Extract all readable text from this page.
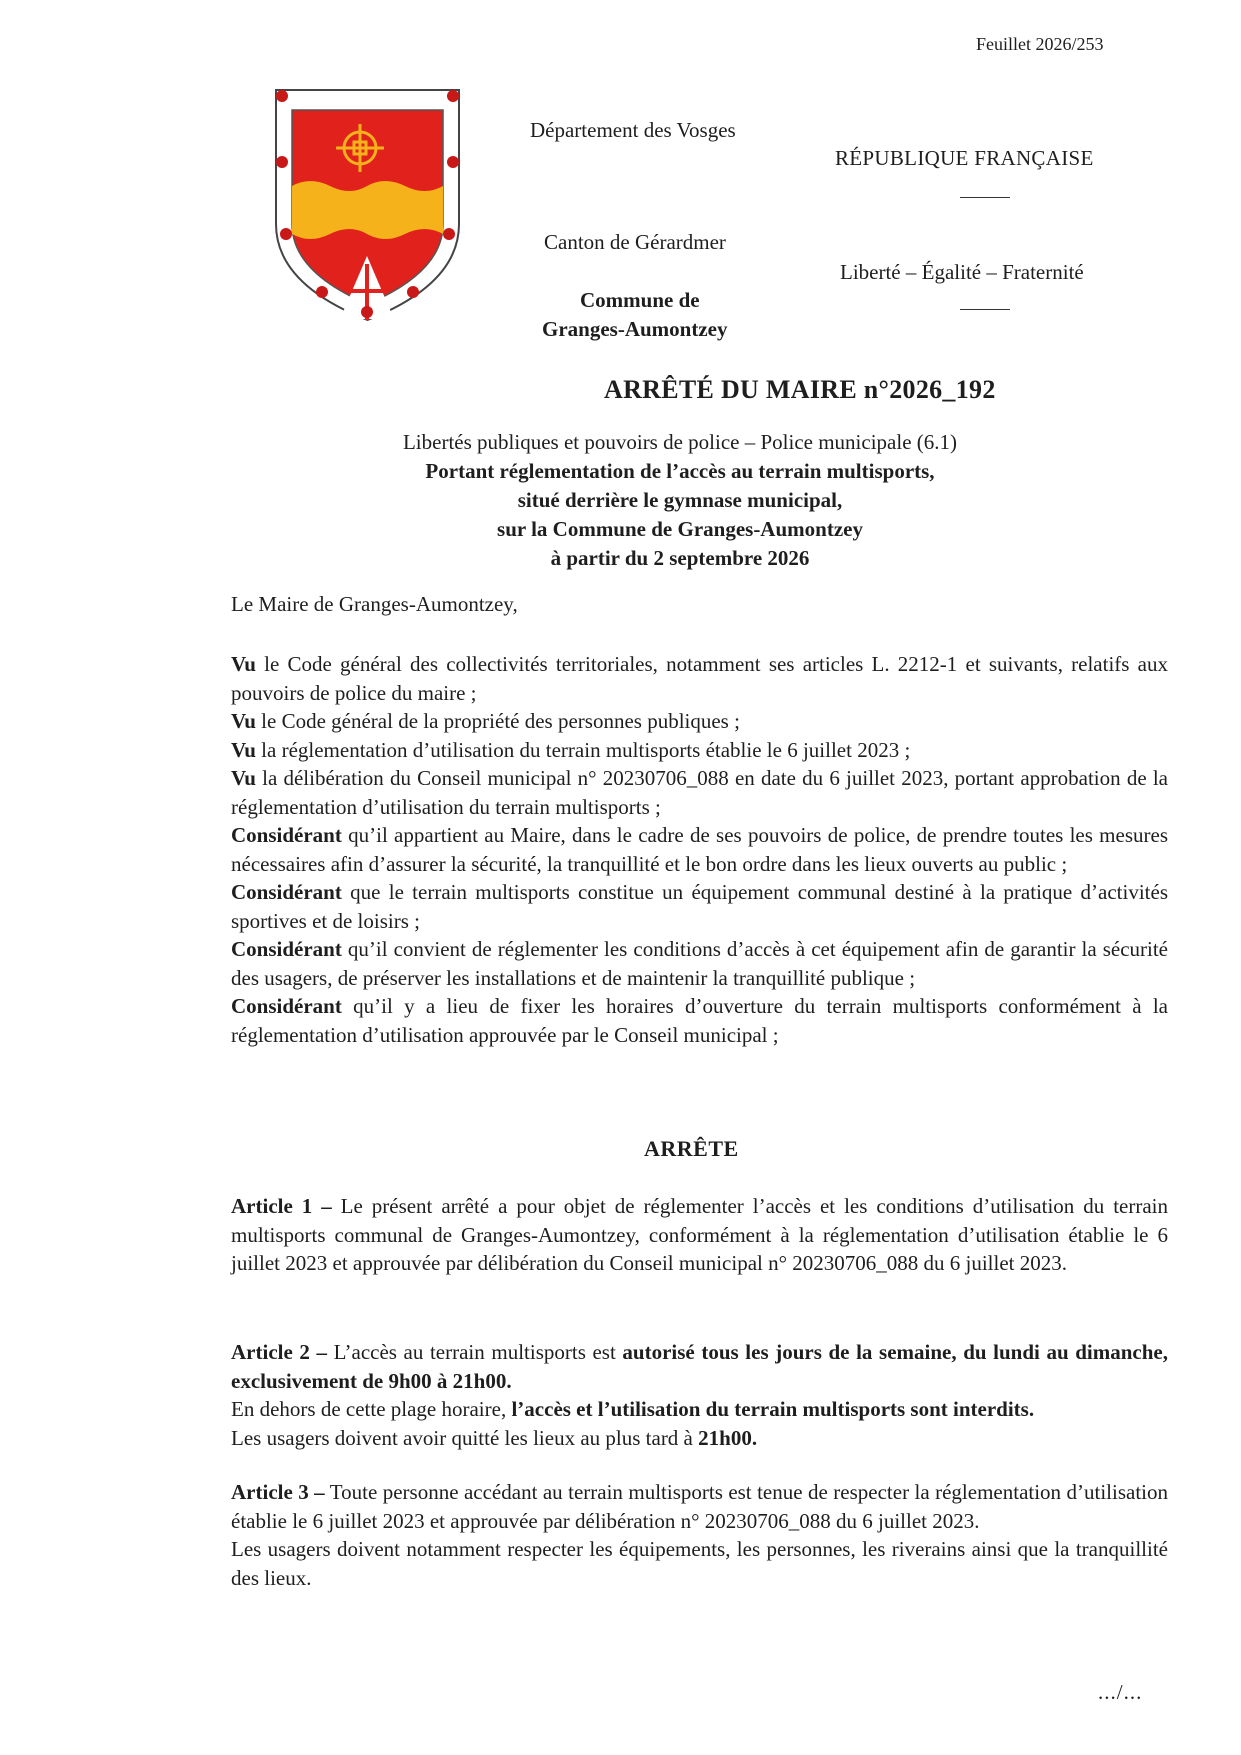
Feuillet 2026/253
Département des Vosges
RÉPUBLIQUE FRANÇAISE
Canton de Gérardmer
Liberté – Égalité – Fraternité
Commune de
Granges-Aumontzey
ARRÊTÉ DU MAIRE n°2026_192
Libertés publiques et pouvoirs de police – Police municipale (6.1)
Portant réglementation de l’accès au terrain multisports,
situé derrière le gymnase municipal,
sur la Commune de Granges-Aumontzey
à partir du 2 septembre 2026
Le Maire de Granges-Aumontzey,

Vu le Code général des collectivités territoriales, notamment ses articles L. 2212-1 et suivants, relatifs aux pouvoirs de police du maire ;

Vu le Code général de la propriété des personnes publiques ;

Vu la réglementation d’utilisation du terrain multisports établie le 6 juillet 2023 ;

Vu la délibération du Conseil municipal n° 20230706_088 en date du 6 juillet 2023, portant approbation de la réglementation d’utilisation du terrain multisports ;

Considérant qu’il appartient au Maire, dans le cadre de ses pouvoirs de police, de prendre toutes les mesures nécessaires afin d’assurer la sécurité, la tranquillité et le bon ordre dans les lieux ouverts au public ;

Considérant que le terrain multisports constitue un équipement communal destiné à la pratique d’activités sportives et de loisirs ;

Considérant qu’il convient de réglementer les conditions d’accès à cet équipement afin de garantir la sécurité des usagers, de préserver les installations et de maintenir la tranquillité publique ;

Considérant qu’il y a lieu de fixer les horaires d’ouverture du terrain multisports conformément à la réglementation d’utilisation approuvée par le Conseil municipal ;

ARRÊTE

Article 1 – Le présent arrêté a pour objet de réglementer l’accès et les conditions d’utilisation du terrain multisports communal de Granges-Aumontzey, conformément à la réglementation d’utilisation établie le 6 juillet 2023 et approuvée par délibération du Conseil municipal n° 20230706_088 du 6 juillet 2023.

Article 2 – L’accès au terrain multisports est autorisé tous les jours de la semaine, du lundi au dimanche, exclusivement de 9h00 à 21h00.

En dehors de cette plage horaire, l’accès et l’utilisation du terrain multisports sont interdits.

Les usagers doivent avoir quitté les lieux au plus tard à 21h00.

Article 3 – Toute personne accédant au terrain multisports est tenue de respecter la réglementation d’utilisation établie le 6 juillet 2023 et approuvée par délibération n° 20230706_088 du 6 juillet 2023.

Les usagers doivent notamment respecter les équipements, les personnes, les riverains ainsi que la tranquillité des lieux.

.../...
